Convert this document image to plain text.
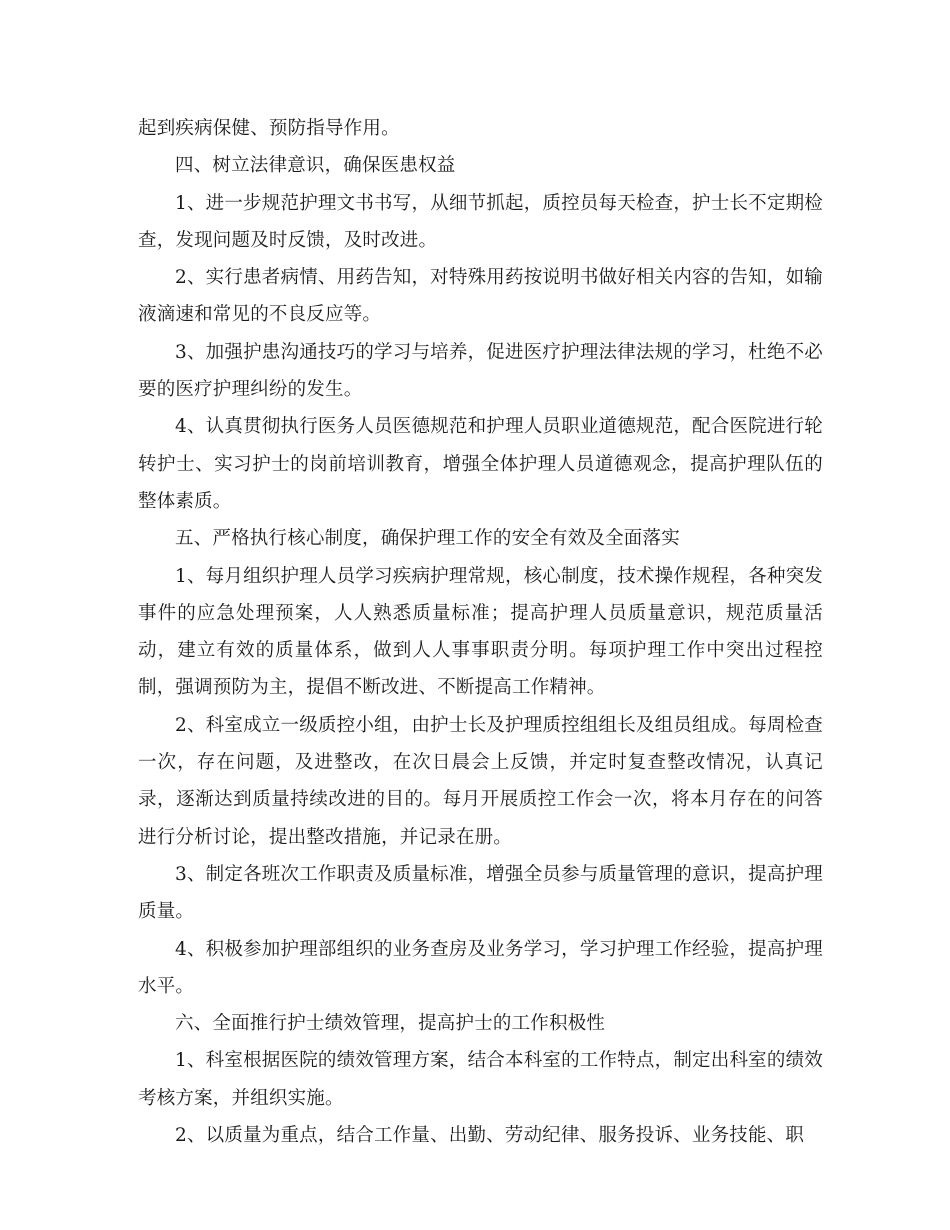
起到疾病保健、预防指导作用。

四、树立法律意识，确保医患权益

1、进一步规范护理文书书写，从细节抓起，质控员每天检查，护士长不定期检查，发现问题及时反馈，及时改进。

2、实行患者病情、用药告知，对特殊用药按说明书做好相关内容的告知，如输液滴速和常见的不良反应等。

3、加强护患沟通技巧的学习与培养，促进医疗护理法律法规的学习，杜绝不必要的医疗护理纠纷的发生。

4、认真贯彻执行医务人员医德规范和护理人员职业道德规范，配合医院进行轮转护士、实习护士的岗前培训教育，增强全体护理人员道德观念，提高护理队伍的整体素质。

五、严格执行核心制度，确保护理工作的安全有效及全面落实

1、每月组织护理人员学习疾病护理常规，核心制度，技术操作规程，各种突发事件的应急处理预案，人人熟悉质量标准；提高护理人员质量意识，规范质量活动，建立有效的质量体系，做到人人事事职责分明。每项护理工作中突出过程控制，强调预防为主，提倡不断改进、不断提高工作精神。

2、科室成立一级质控小组，由护士长及护理质控组组长及组员组成。每周检查一次，存在问题，及进整改，在次日晨会上反馈，并定时复查整改情况，认真记录，逐渐达到质量持续改进的目的。每月开展质控工作会一次，将本月存在的问答进行分析讨论，提出整改措施，并记录在册。

3、制定各班次工作职责及质量标准，增强全员参与质量管理的意识，提高护理质量。

4、积极参加护理部组织的业务查房及业务学习，学习护理工作经验，提高护理水平。

六、全面推行护士绩效管理，提高护士的工作积极性

1、科室根据医院的绩效管理方案，结合本科室的工作特点，制定出科室的绩效考核方案，并组织实施。

2、以质量为重点，结合工作量、出勤、劳动纪律、服务投诉、业务技能、职
